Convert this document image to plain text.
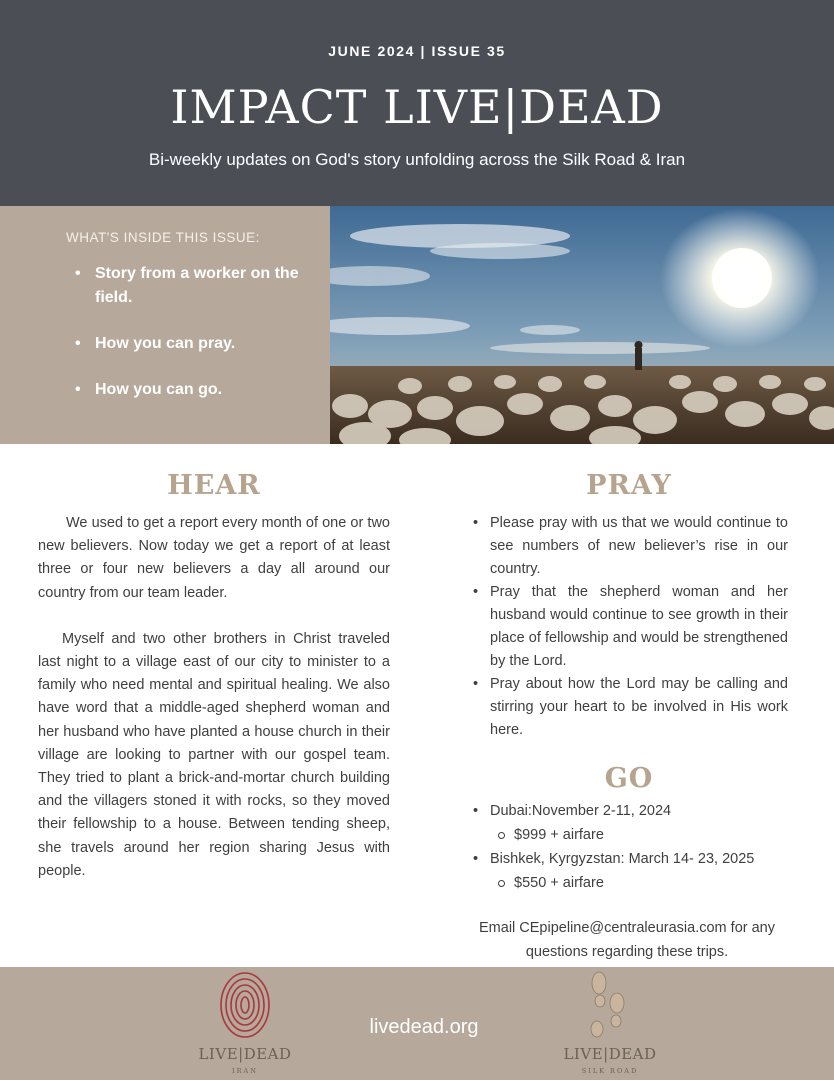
JUNE 2024 | ISSUE 35
IMPACT LIVE|DEAD
Bi-weekly updates on God's story unfolding across the Silk Road & Iran
WHAT'S INSIDE THIS ISSUE:
• Story from a worker on the field.
• How you can pray.
• How you can go.
HEAR

We used to get a report every month of one or two new believers. Now today we get a report of at least three or four new believers a day all around our country from our team leader.

Myself and two other brothers in Christ traveled last night to a village east of our city to minister to a family who need mental and spiritual healing. We also have word that a middle-aged shepherd woman and her husband who have planted a house church in their village are looking to partner with our gospel team. They tried to plant a brick-and-mortar church building and the villagers stoned it with rocks, so they moved their fellowship to a house. Between tending sheep, she travels around her region sharing Jesus with people.

PRAY
• Please pray with us that we would continue to see numbers of new believer’s rise in our country.
• Pray that the shepherd woman and her husband would continue to see growth in their place of fellowship and would be strengthened by the Lord.
• Pray about how the Lord may be calling and stirring your heart to be involved in His work here.
GO
• Dubai:November 2-11, 2024
$999 + airfare
• Bishkek, Kyrgyzstan: March 14- 23, 2025
$550 + airfare
Email CEpipeline@centraleurasia.com for any questions regarding these trips.
LIVE|DEAD
IRAN
livedead.org
LIVE|DEAD
SILK ROAD
